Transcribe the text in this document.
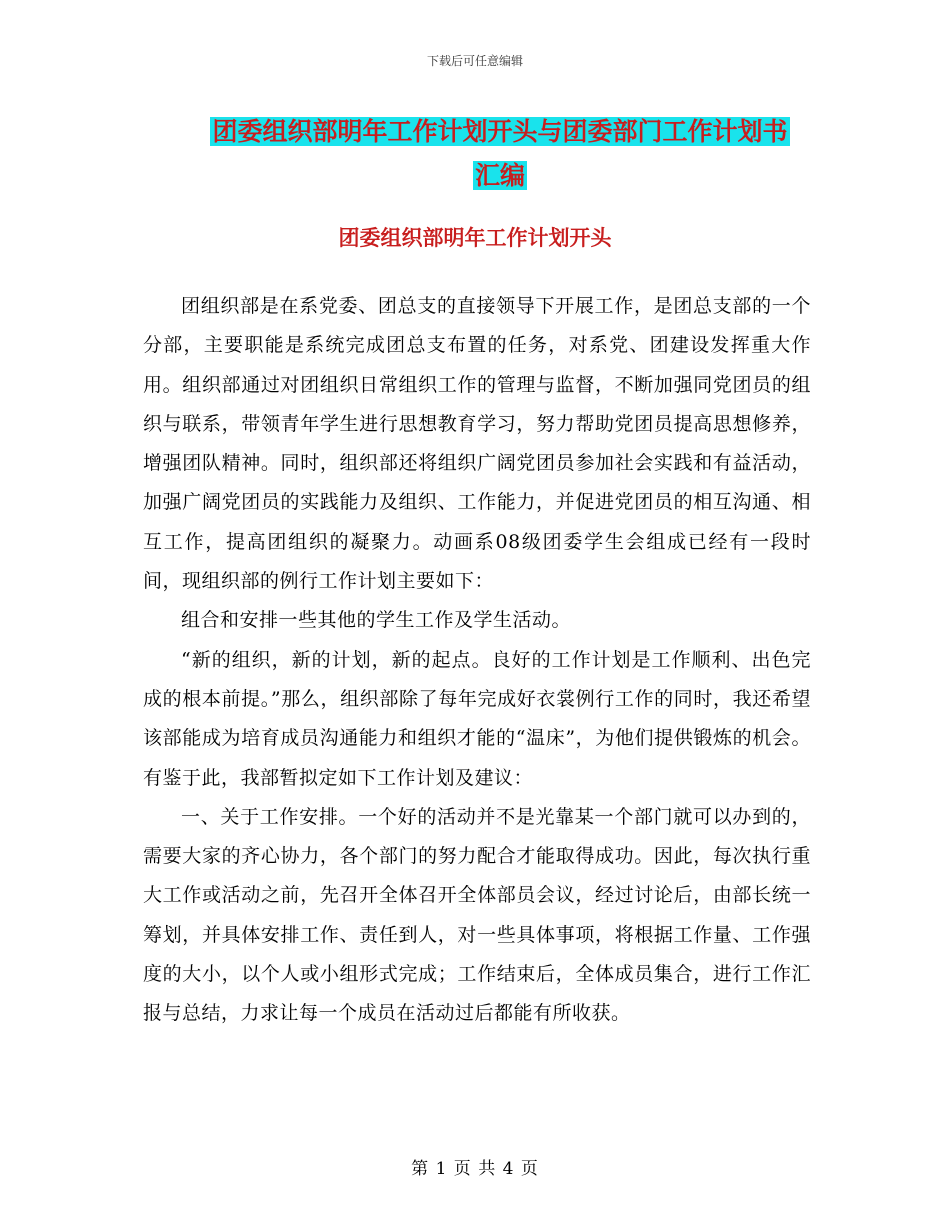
下载后可任意编辑
团委组织部明年工作计划开头与团委部门工作计划书
汇编
团委组织部明年工作计划开头

团组织部是在系党委、团总支的直接领导下开展工作，是团总支部的一个分部，主要职能是系统完成团总支布置的任务，对系党、团建设发挥重大作用。组织部通过对团组织日常组织工作的管理与监督，不断加强同党团员的组织与联系，带领青年学生进行思想教育学习，努力帮助党团员提高思想修养，增强团队精神。同时，组织部还将组织广阔党团员参加社会实践和有益活动，加强广阔党团员的实践能力及组织、工作能力，并促进党团员的相互沟通、相互工作，提高团组织的凝聚力。动画系08级团委学生会组成已经有一段时间，现组织部的例行工作计划主要如下：

组合和安排一些其他的学生工作及学生活动。

“新的组织，新的计划，新的起点。良好的工作计划是工作顺利、出色完成的根本前提。”那么，组织部除了每年完成好衣裳例行工作的同时，我还希望该部能成为培育成员沟通能力和组织才能的“温床”，为他们提供锻炼的机会。有鉴于此，我部暂拟定如下工作计划及建议：

一、关于工作安排。一个好的活动并不是光靠某一个部门就可以办到的，需要大家的齐心协力，各个部门的努力配合才能取得成功。因此，每次执行重大工作或活动之前，先召开全体召开全体部员会议，经过讨论后，由部长统一筹划，并具体安排工作、责任到人，对一些具体事项，将根据工作量、工作强度的大小，以个人或小组形式完成；工作结束后，全体成员集合，进行工作汇报与总结，力求让每一个成员在活动过后都能有所收获。

第 1 页 共 4 页
